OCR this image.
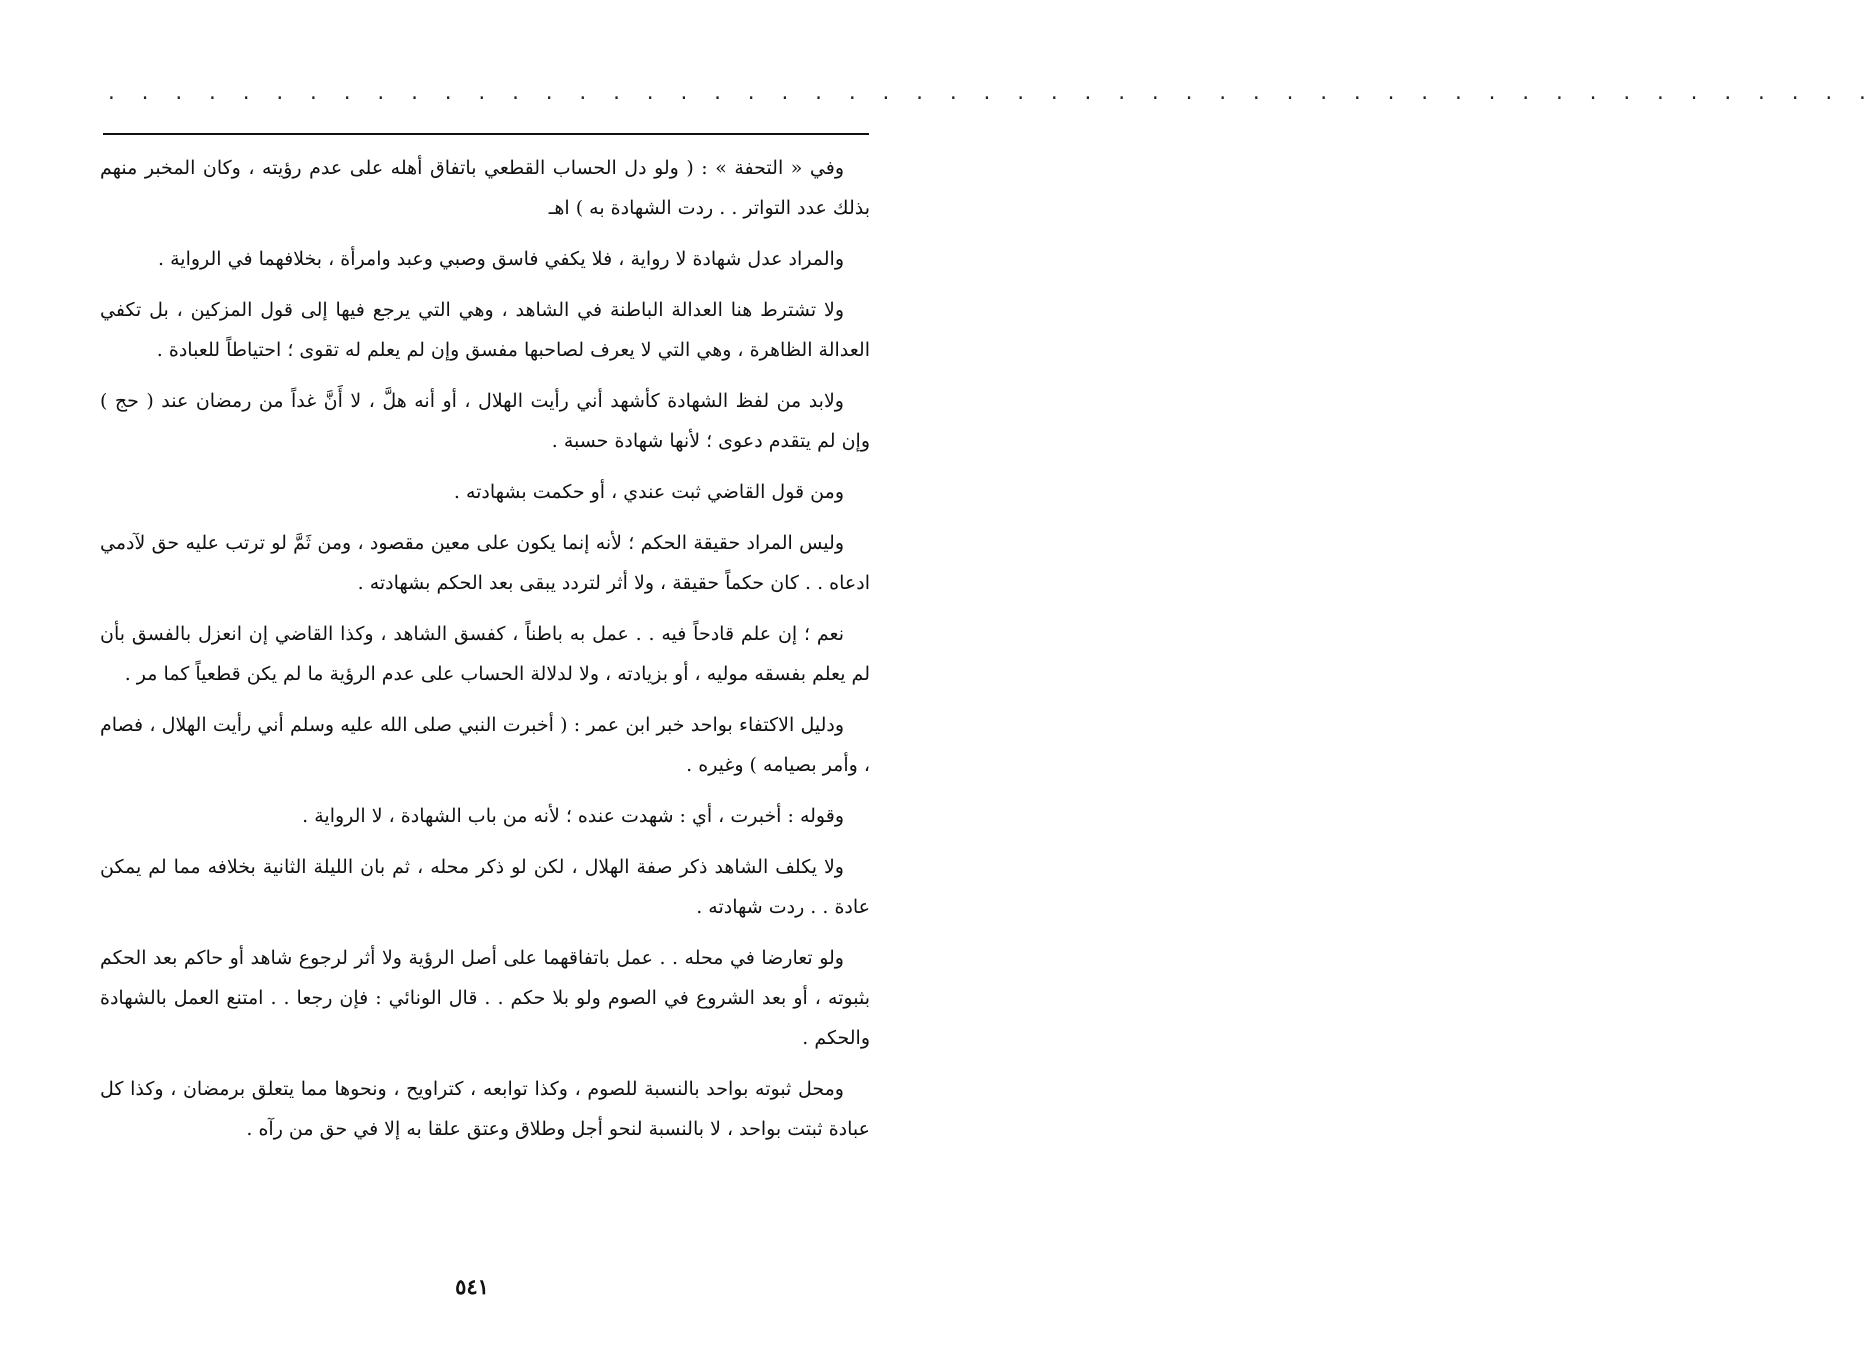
. . . . . . . . . . . . . . . . . . . . . . . . . . . . . . . . . . . . . . . . . . . . . . . . . . . . .

وفي « التحفة » : ( ولو دل الحساب القطعي باتفاق أهله على عدم رؤيته ، وكان المخبر منهم بذلك عدد التواتر . . ردت الشهادة به ) اهـ

والمراد عدل شهادة لا رواية ، فلا يكفي فاسق وصبي وعبد وامرأة ، بخلافهما في الرواية .

ولا تشترط هنا العدالة الباطنة في الشاهد ، وهي التي يرجع فيها إلى قول المزكين ، بل تكفي العدالة الظاهرة ، وهي التي لا يعرف لصاحبها مفسق وإن لم يعلم له تقوى ؛ احتياطاً للعبادة .

ولابد من لفظ الشهادة كأشهد أني رأيت الهلال ، أو أنه هلَّ ، لا أَنَّ غداً من رمضان عند ( حج ) وإن لم يتقدم دعوى ؛ لأنها شهادة حسبة .

ومن قول القاضي ثبت عندي ، أو حكمت بشهادته .

وليس المراد حقيقة الحكم ؛ لأنه إنما يكون على معين مقصود ، ومن ثَمَّ لو ترتب عليه حق لآدمي ادعاه . . كان حكماً حقيقة ، ولا أثر لتردد يبقى بعد الحكم بشهادته .

نعم ؛ إن علم قادحاً فيه . . عمل به باطناً ، كفسق الشاهد ، وكذا القاضي إن انعزل بالفسق بأن لم يعلم بفسقه موليه ، أو بزيادته ، ولا لدلالة الحساب على عدم الرؤية ما لم يكن قطعياً كما مر .

ودليل الاكتفاء بواحد خبر ابن عمر : ( أخبرت النبي صلى الله عليه وسلم أني رأيت الهلال ، فصام ، وأمر بصيامه ) وغيره .

وقوله : أخبرت ، أي : شهدت عنده ؛ لأنه من باب الشهادة ، لا الرواية .

ولا يكلف الشاهد ذكر صفة الهلال ، لكن لو ذكر محله ، ثم بان الليلة الثانية بخلافه مما لم يمكن عادة . . ردت شهادته .

ولو تعارضا في محله . . عمل باتفاقهما على أصل الرؤية ولا أثر لرجوع شاهد أو حاكم بعد الحكم بثبوته ، أو بعد الشروع في الصوم ولو بلا حكم . . قال الونائي : فإن رجعا . . امتنع العمل بالشهادة والحكم .

ومحل ثبوته بواحد بالنسبة للصوم ، وكذا توابعه ، كتراويح ، ونحوها مما يتعلق برمضان ، وكذا كل عبادة ثبتت بواحد ، لا بالنسبة لنحو أجل وطلاق وعتق علقا به إلا في حق من رآه .

٥٤١
